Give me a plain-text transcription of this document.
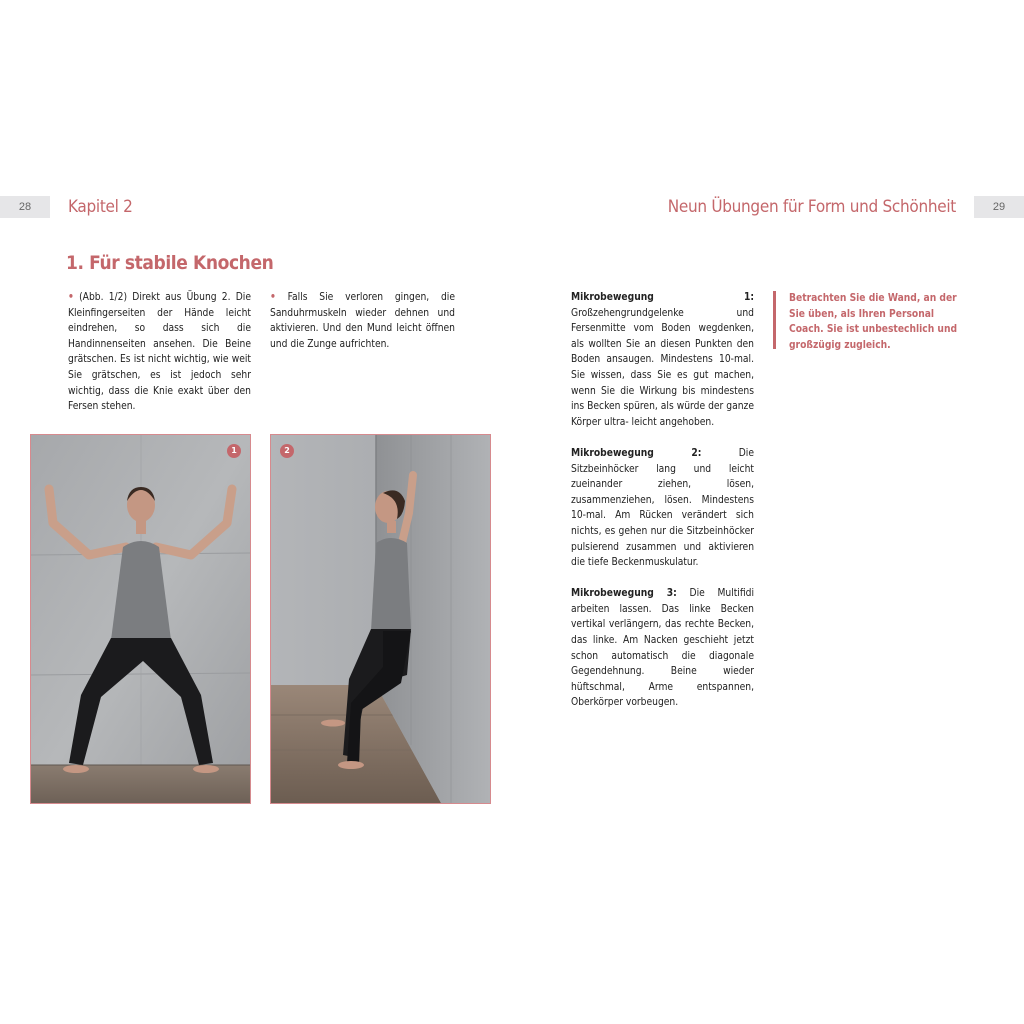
28	Kapitel 2	Neun Übungen für Form und Schönheit	29
1. Für stabile Knochen

• (Abb. 1/2) Direkt aus Übung 2. Die Kleinfingerseiten der Hände leicht eindrehen, so dass sich die Handinnenseiten ansehen. Die Beine grätschen. Es ist nicht wichtig, wie weit Sie grätschen, es ist jedoch sehr wichtig, dass die Knie exakt über den Fersen stehen.

• Falls Sie verloren gingen, die Sanduhrmuskeln wieder dehnen und aktivieren. Und den Mund leicht öffnen und die Zunge aufrichten.

1	2

Mikrobewegung 1: Großzehengrundgelenke und Fersenmitte vom Boden wegdenken, als wollten Sie an diesen Punkten den Boden ansaugen. Mindestens 10-mal. Sie wissen, dass Sie es gut machen, wenn Sie die Wirkung bis mindestens ins Becken spüren, als würde der ganze Körper ultra- leicht angehoben.

Mikrobewegung 2: Die Sitzbeinhöcker lang und leicht zueinander ziehen, lösen, zusammenziehen, lösen. Mindestens 10-mal. Am Rücken verändert sich nichts, es gehen nur die Sitzbeinhöcker pulsierend zusammen und aktivieren die tiefe Beckenmuskulatur.

Mikrobewegung 3: Die Multifidi arbeiten lassen. Das linke Becken vertikal verlängern, das rechte Becken, das linke. Am Nacken geschieht jetzt schon automatisch die diagonale Gegendehnung. Beine wieder hüftschmal, Arme entspannen, Oberkörper vorbeugen.

Betrachten Sie die Wand, an der Sie üben, als Ihren Personal Coach. Sie ist unbestechlich und großzügig zugleich.
